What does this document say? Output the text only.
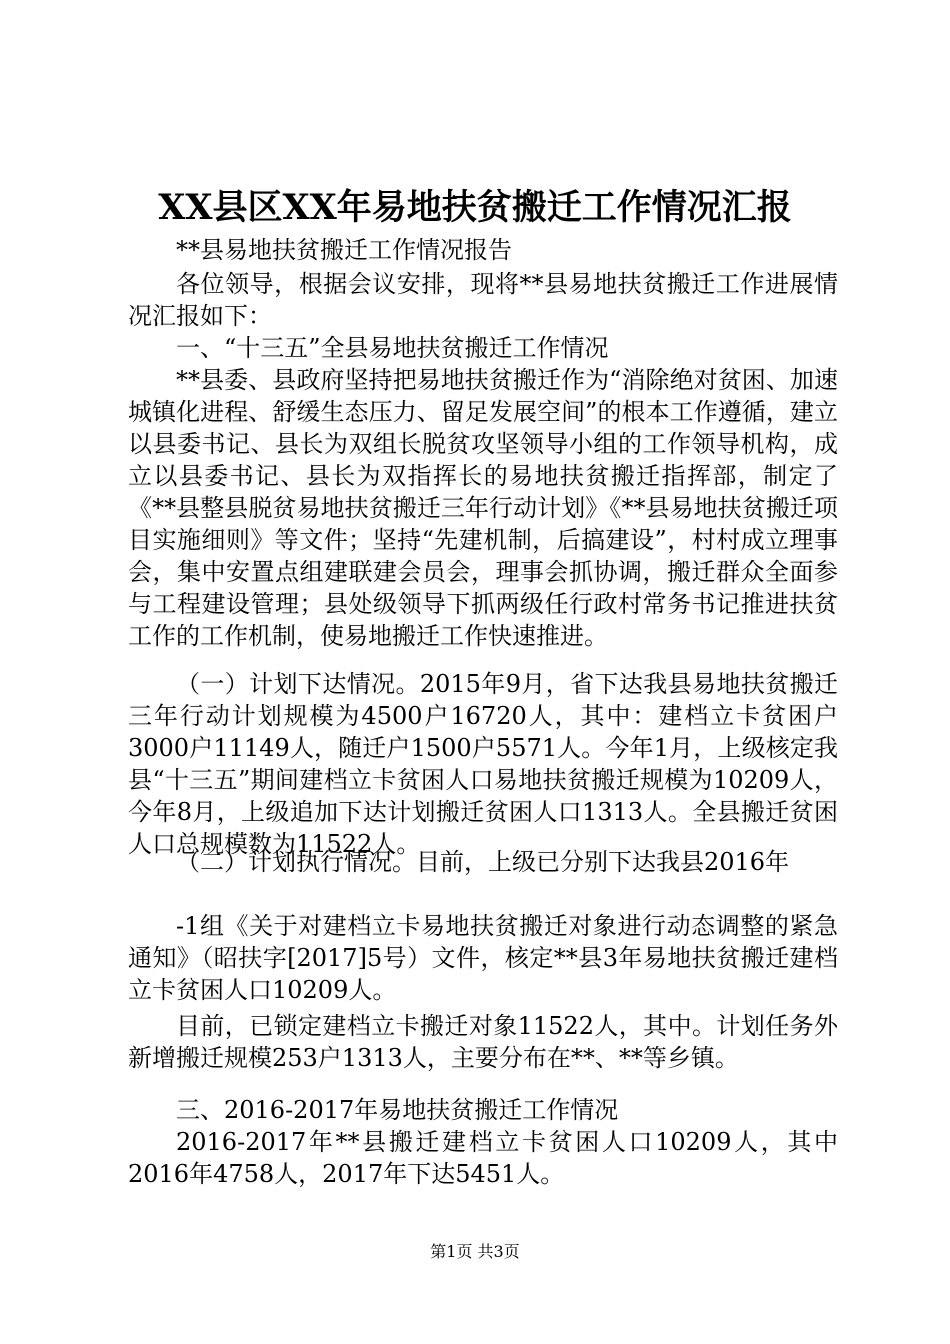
XX县区XX年易地扶贫搬迁工作情况汇报

**县易地扶贫搬迁工作情况报告

各位领导，根据会议安排，现将**县易地扶贫搬迁工作进展情况汇报如下：

一、“十三五”全县易地扶贫搬迁工作情况

**县委、县政府坚持把易地扶贫搬迁作为“消除绝对贫困、加速城镇化进程、舒缓生态压力、留足发展空间”的根本工作遵循，建立以县委书记、县长为双组长脱贫攻坚领导小组的工作领导机构，成立以县委书记、县长为双指挥长的易地扶贫搬迁指挥部，制定了《**县整县脱贫易地扶贫搬迁三年行动计划》《**县易地扶贫搬迁项目实施细则》等文件；坚持“先建机制，后搞建设”，村村成立理事会，集中安置点组建联建会员会，理事会抓协调，搬迁群众全面参与工程建设管理；县处级领导下抓两级任行政村常务书记推进扶贫工作的工作机制，使易地搬迁工作快速推进。

（一）计划下达情况。2015年9月，省下达我县易地扶贫搬迁三年行动计划规模为4500户16720人，其中：建档立卡贫困户3000户11149人，随迁户1500户5571人。今年1月，上级核定我县“十三五”期间建档立卡贫困人口易地扶贫搬迁规模为10209人，今年8月，上级追加下达计划搬迁贫困人口1313人。全县搬迁贫困人口总规模数为11522人。

（二）计划执行情况。目前，上级已分别下达我县2016年

-1组《关于对建档立卡易地扶贫搬迁对象进行动态调整的紧急通知》（昭扶字[2017]5号）文件，核定**县3年易地扶贫搬迁建档立卡贫困人口10209人。

目前，已锁定建档立卡搬迁对象11522人，其中。计划任务外新增搬迁规模253户1313人，主要分布在**、**等乡镇。

三、2016-2017年易地扶贫搬迁工作情况

2016-2017年**县搬迁建档立卡贫困人口10209人，其中2016年4758人，2017年下达5451人。

第1页 共3页
